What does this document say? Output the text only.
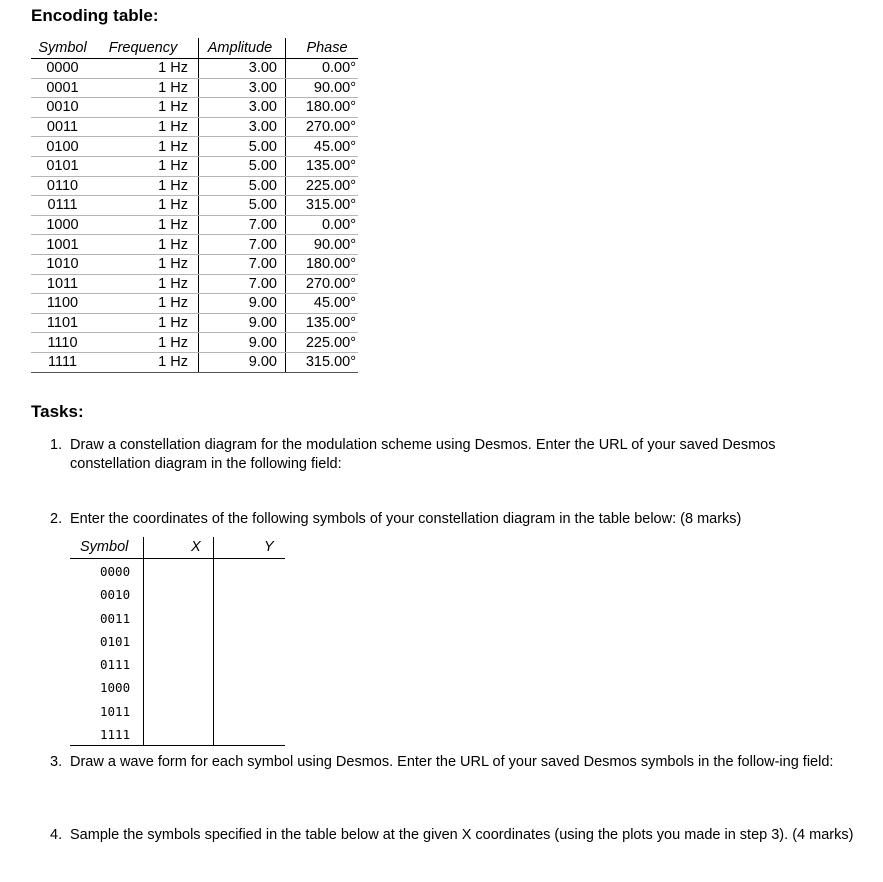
Encoding table:
Symbol	Frequency	Amplitude	Phase
0000	1 Hz	3.00	0.00°
0001	1 Hz	3.00	90.00°
0010	1 Hz	3.00	180.00°
0011	1 Hz	3.00	270.00°
0100	1 Hz	5.00	45.00°
0101	1 Hz	5.00	135.00°
0110	1 Hz	5.00	225.00°
0111	1 Hz	5.00	315.00°
1000	1 Hz	7.00	0.00°
1001	1 Hz	7.00	90.00°
1010	1 Hz	7.00	180.00°
1011	1 Hz	7.00	270.00°
1100	1 Hz	9.00	45.00°
1101	1 Hz	9.00	135.00°
1110	1 Hz	9.00	225.00°
1111	1 Hz	9.00	315.00°
Tasks:
1. Draw a constellation diagram for the modulation scheme using Desmos. Enter the URL of your saved Desmos constellation diagram in the following field:
2. Enter the coordinates of the following symbols of your constellation diagram in the table below: (8 marks)
Symbol	X	Y
0000
0010
0011
0101
0111
1000
1011
1111
3. Draw a wave form for each symbol using Desmos. Enter the URL of your saved Desmos symbols in the follow-ing field:
4. Sample the symbols specified in the table below at the given X coordinates (using the plots you made in step 3). (4 marks)
